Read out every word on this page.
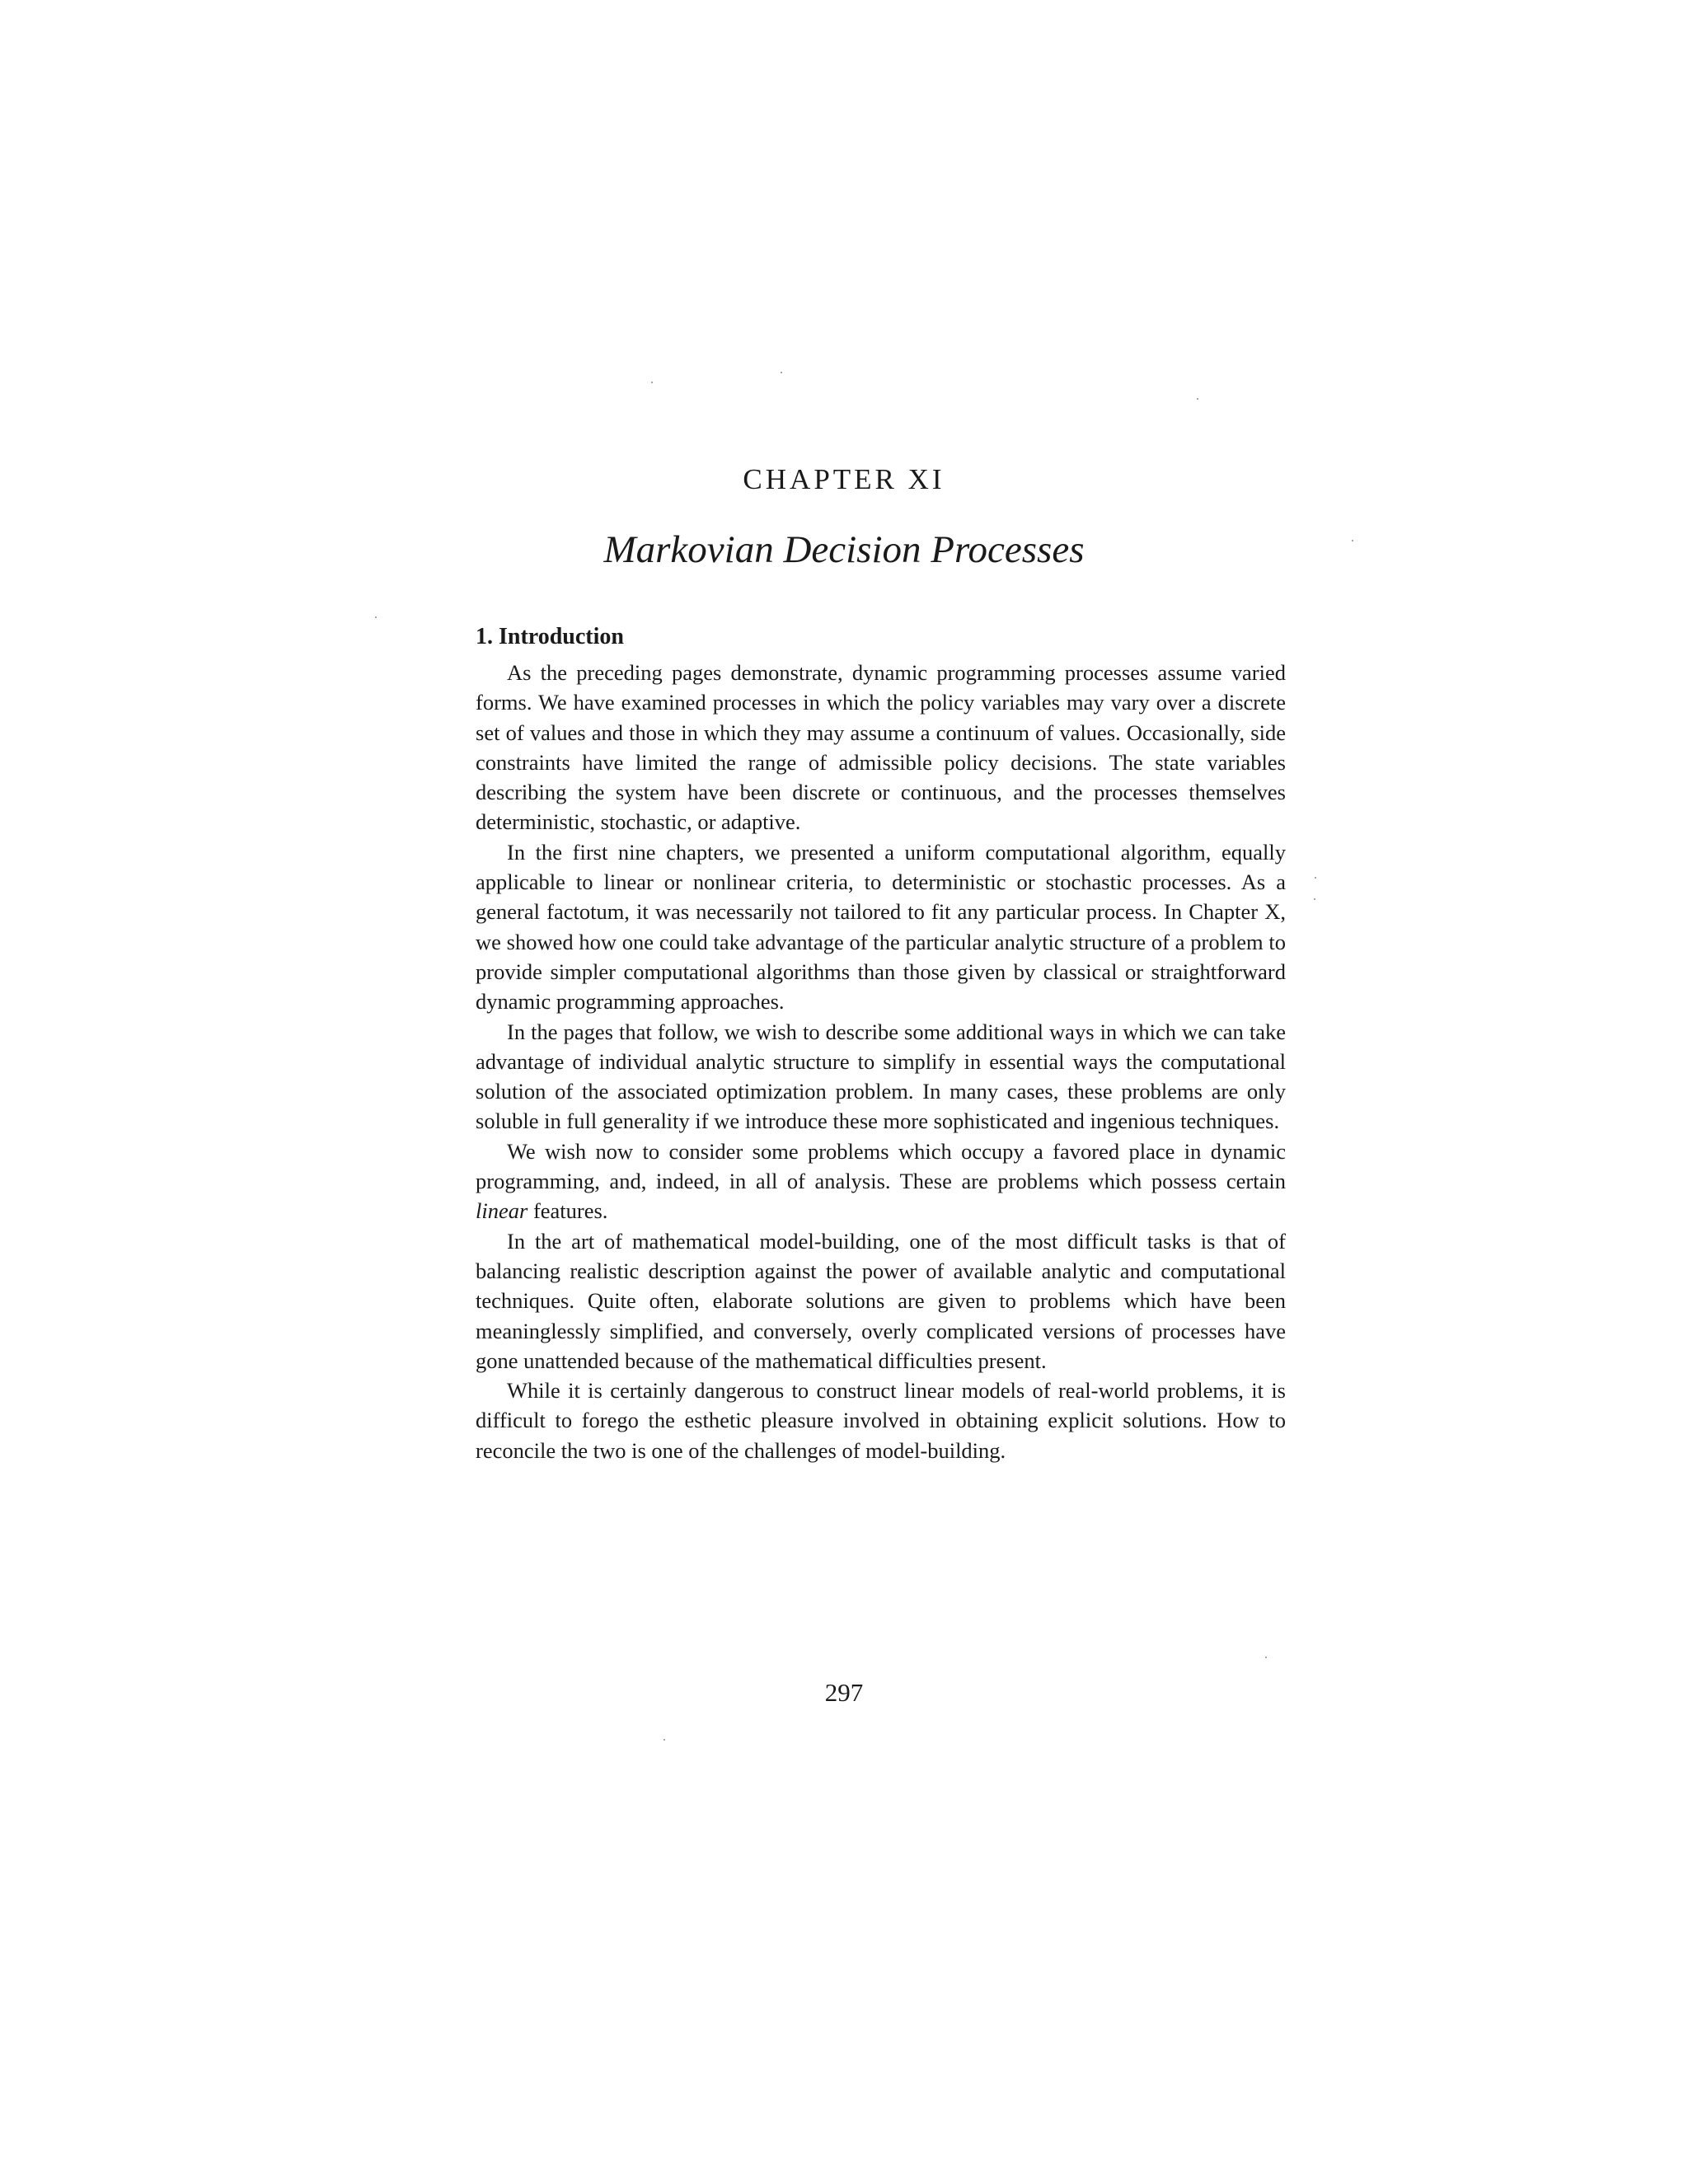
CHAPTER XI
Markovian Decision Processes
1. Introduction

As the preceding pages demonstrate, dynamic programming processes assume varied forms. We have examined processes in which the policy variables may vary over a discrete set of values and those in which they may assume a continuum of values. Occasionally, side constraints have limited the range of admissible policy decisions. The state variables describing the system have been discrete or continuous, and the processes themselves deterministic, stochastic, or adaptive.

In the first nine chapters, we presented a uniform computational algorithm, equally applicable to linear or nonlinear criteria, to deterministic or stochastic processes. As a general factotum, it was necessarily not tailored to fit any particular process. In Chapter X, we showed how one could take advantage of the particular analytic structure of a problem to provide simpler computational algorithms than those given by classical or straightforward dynamic programming approaches.

In the pages that follow, we wish to describe some additional ways in which we can take advantage of individual analytic structure to simplify in essential ways the computational solution of the associated optimization problem. In many cases, these problems are only soluble in full generality if we introduce these more sophisticated and ingenious techniques.

We wish now to consider some problems which occupy a favored place in dynamic programming, and, indeed, in all of analysis. These are problems which possess certain linear features.

In the art of mathematical model-building, one of the most difficult tasks is that of balancing realistic description against the power of available analytic and computational techniques. Quite often, elaborate solutions are given to problems which have been meaninglessly simplified, and conversely, overly complicated versions of processes have gone unattended because of the mathematical difficulties present.

While it is certainly dangerous to construct linear models of real-world problems, it is difficult to forego the esthetic pleasure involved in obtaining explicit solutions. How to reconcile the two is one of the challenges of model-building.

297
